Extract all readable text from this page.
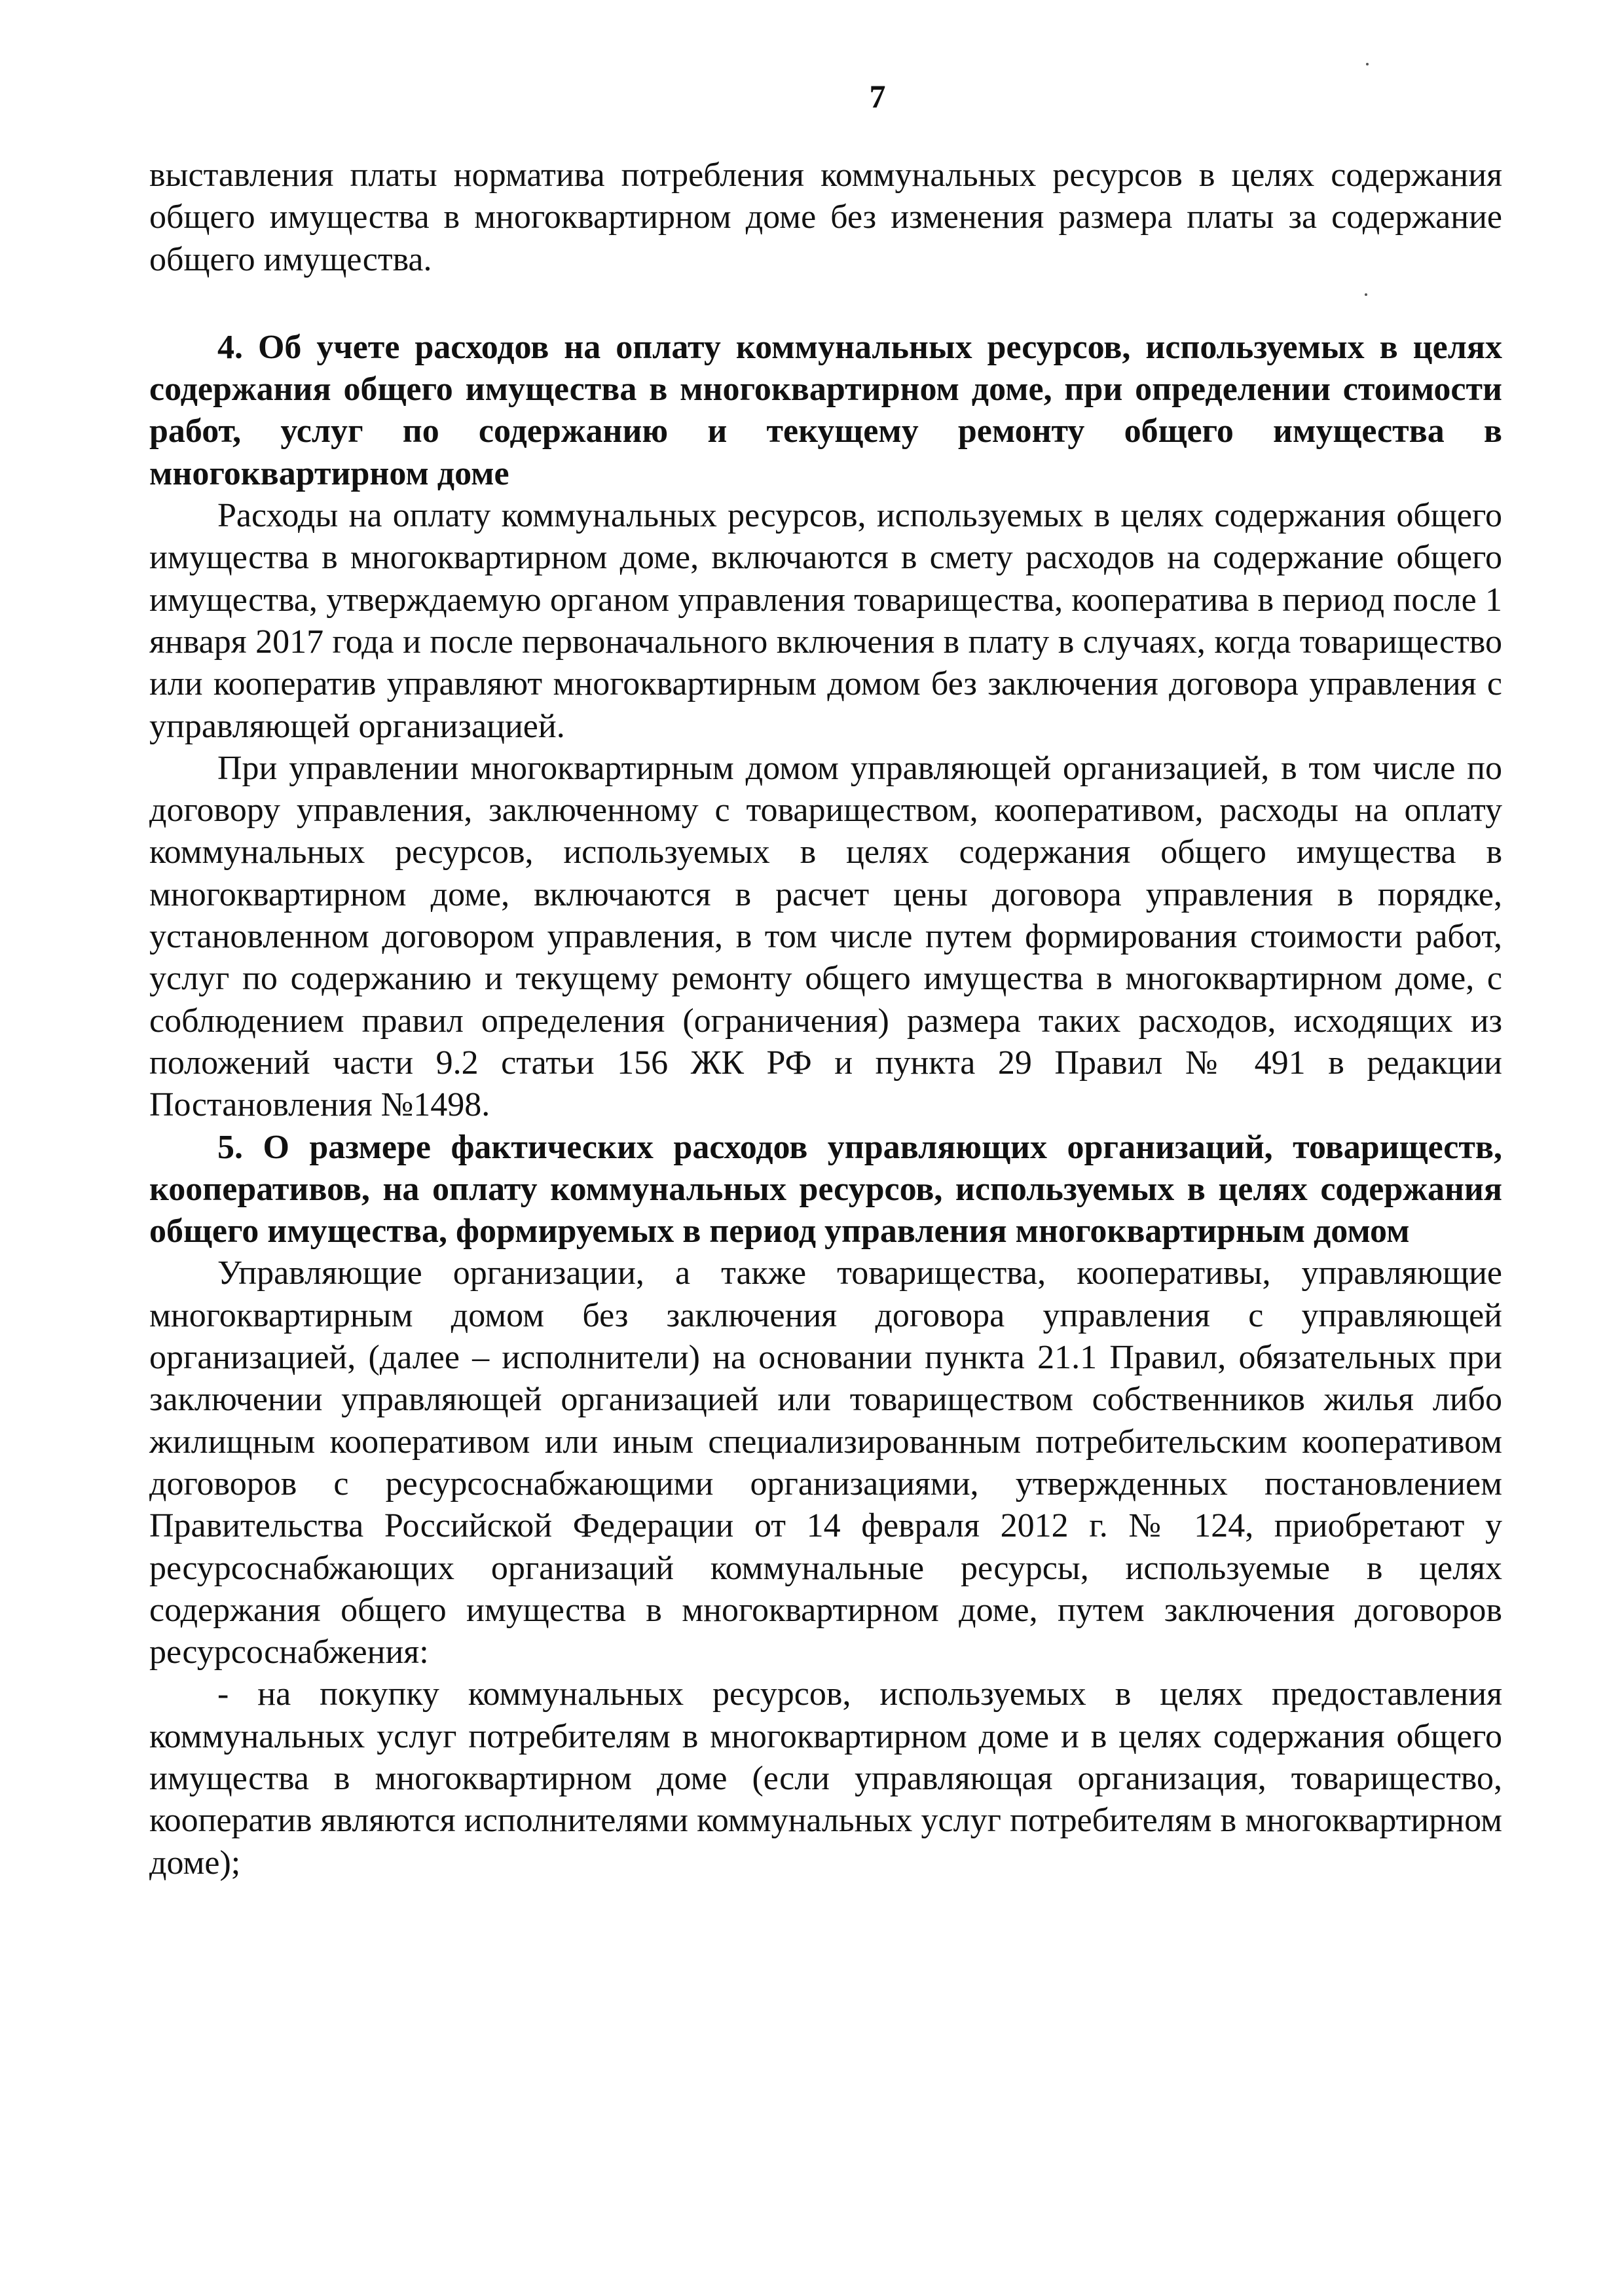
7

выставления платы норматива потребления коммунальных ресурсов в целях содержания общего имущества в многоквартирном доме без изменения размера платы за содержание общего имущества.

4. Об учете расходов на оплату коммунальных ресурсов, используемых в целях содержания общего имущества в многоквартирном доме, при определении стоимости работ, услуг по содержанию и текущему ремонту общего имущества в многоквартирном доме

Расходы на оплату коммунальных ресурсов, используемых в целях содержания общего имущества в многоквартирном доме, включаются в смету расходов на содержание общего имущества, утверждаемую органом управления товарищества, кооператива в период после 1 января 2017 года и после первоначального включения в плату в случаях, когда товарищество или кооператив управляют многоквартирным домом без заключения договора управления с управляющей организацией.

При управлении многоквартирным домом управляющей организацией, в том числе по договору управления, заключенному с товариществом, кооперативом, расходы на оплату коммунальных ресурсов, используемых в целях содержания общего имущества в многоквартирном доме, включаются в расчет цены договора управления в порядке, установленном договором управления, в том числе путем формирования стоимости работ, услуг по содержанию и текущему ремонту общего имущества в многоквартирном доме, с соблюдением правил определения (ограничения) размера таких расходов, исходящих из положений части 9.2 статьи 156 ЖК РФ и пункта 29 Правил № 491 в редакции Постановления №1498.

5. О размере фактических расходов управляющих организаций, товариществ, кооперативов, на оплату коммунальных ресурсов, используемых в целях содержания общего имущества, формируемых в период управления многоквартирным домом

Управляющие организации, а также товарищества, кооперативы, управляющие многоквартирным домом без заключения договора управления с управляющей организацией, (далее – исполнители) на основании пункта 21.1 Правил, обязательных при заключении управляющей организацией или товариществом собственников жилья либо жилищным кооперативом или иным специализированным потребительским кооперативом договоров с ресурсоснабжающими организациями, утвержденных постановлением Правительства Российской Федерации от 14 февраля 2012 г. № 124, приобретают у ресурсоснабжающих организаций коммунальные ресурсы, используемые в целях содержания общего имущества в многоквартирном доме, путем заключения договоров ресурсоснабжения:

- на покупку коммунальных ресурсов, используемых в целях предоставления коммунальных услуг потребителям в многоквартирном доме и в целях содержания общего имущества в многоквартирном доме (если управляющая организация, товарищество, кооператив являются исполнителями коммунальных услуг потребителям в многоквартирном доме);
